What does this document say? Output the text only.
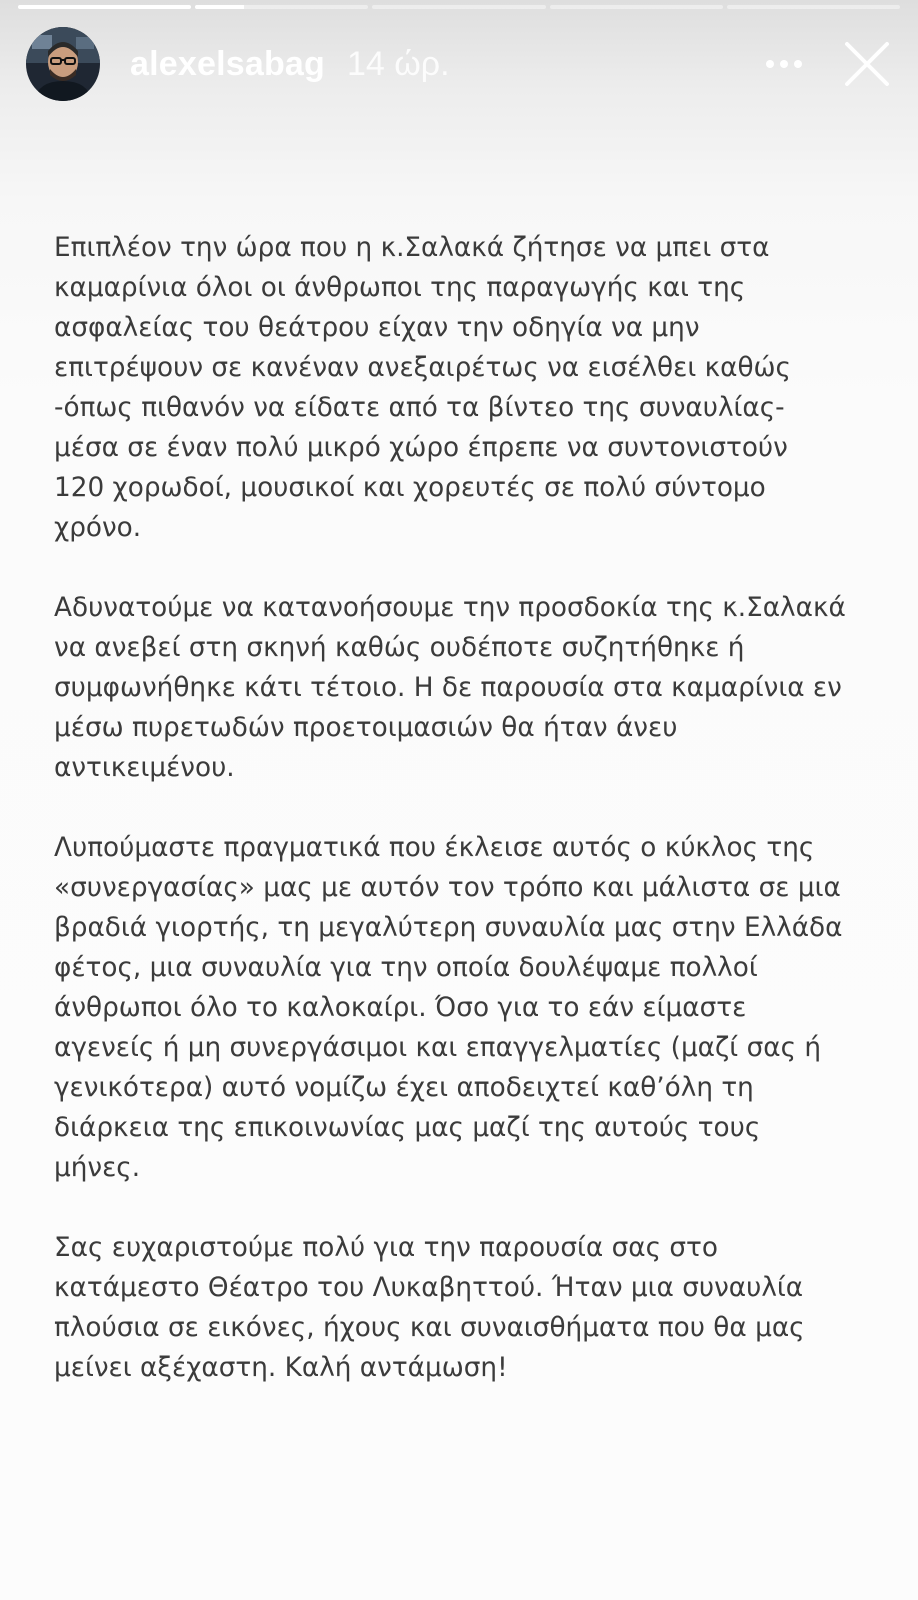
alexelsabag 14 ώρ.

Επιπλέον την ώρα που η κ.Σαλακά ζήτησε να μπει στα
καμαρίνια όλοι οι άνθρωποι της παραγωγής και της
ασφαλείας του θεάτρου είχαν την οδηγία να μην
επιτρέψουν σε κανέναν ανεξαιρέτως να εισέλθει καθώς
-όπως πιθανόν να είδατε από τα βίντεο της συναυλίας-
μέσα σε έναν πολύ μικρό χώρο έπρεπε να συντονιστούν
120 χορωδοί, μουσικοί και χορευτές σε πολύ σύντομο
χρόνο.

Αδυνατούμε να κατανοήσουμε την προσδοκία της κ.Σαλακά
να ανεβεί στη σκηνή καθώς ουδέποτε συζητήθηκε ή
συμφωνήθηκε κάτι τέτοιο. Η δε παρουσία στα καμαρίνια εν
μέσω πυρετωδών προετοιμασιών θα ήταν άνευ
αντικειμένου.

Λυπούμαστε πραγματικά που έκλεισε αυτός ο κύκλος της
«συνεργασίας» μας με αυτόν τον τρόπο και μάλιστα σε μια
βραδιά γιορτής, τη μεγαλύτερη συναυλία μας στην Ελλάδα
φέτος, μια συναυλία για την οποία δουλέψαμε πολλοί
άνθρωποι όλο το καλοκαίρι. Όσο για το εάν είμαστε
αγενείς ή μη συνεργάσιμοι και επαγγελματίες (μαζί σας ή
γενικότερα) αυτό νομίζω έχει αποδειχτεί καθ’όλη τη
διάρκεια της επικοινωνίας μας μαζί της αυτούς τους
μήνες.

Σας ευχαριστούμε πολύ για την παρουσία σας στο
κατάμεστο Θέατρο του Λυκαβηττού. Ήταν μια συναυλία
πλούσια σε εικόνες, ήχους και συναισθήματα που θα μας
μείνει αξέχαστη. Καλή αντάμωση!
